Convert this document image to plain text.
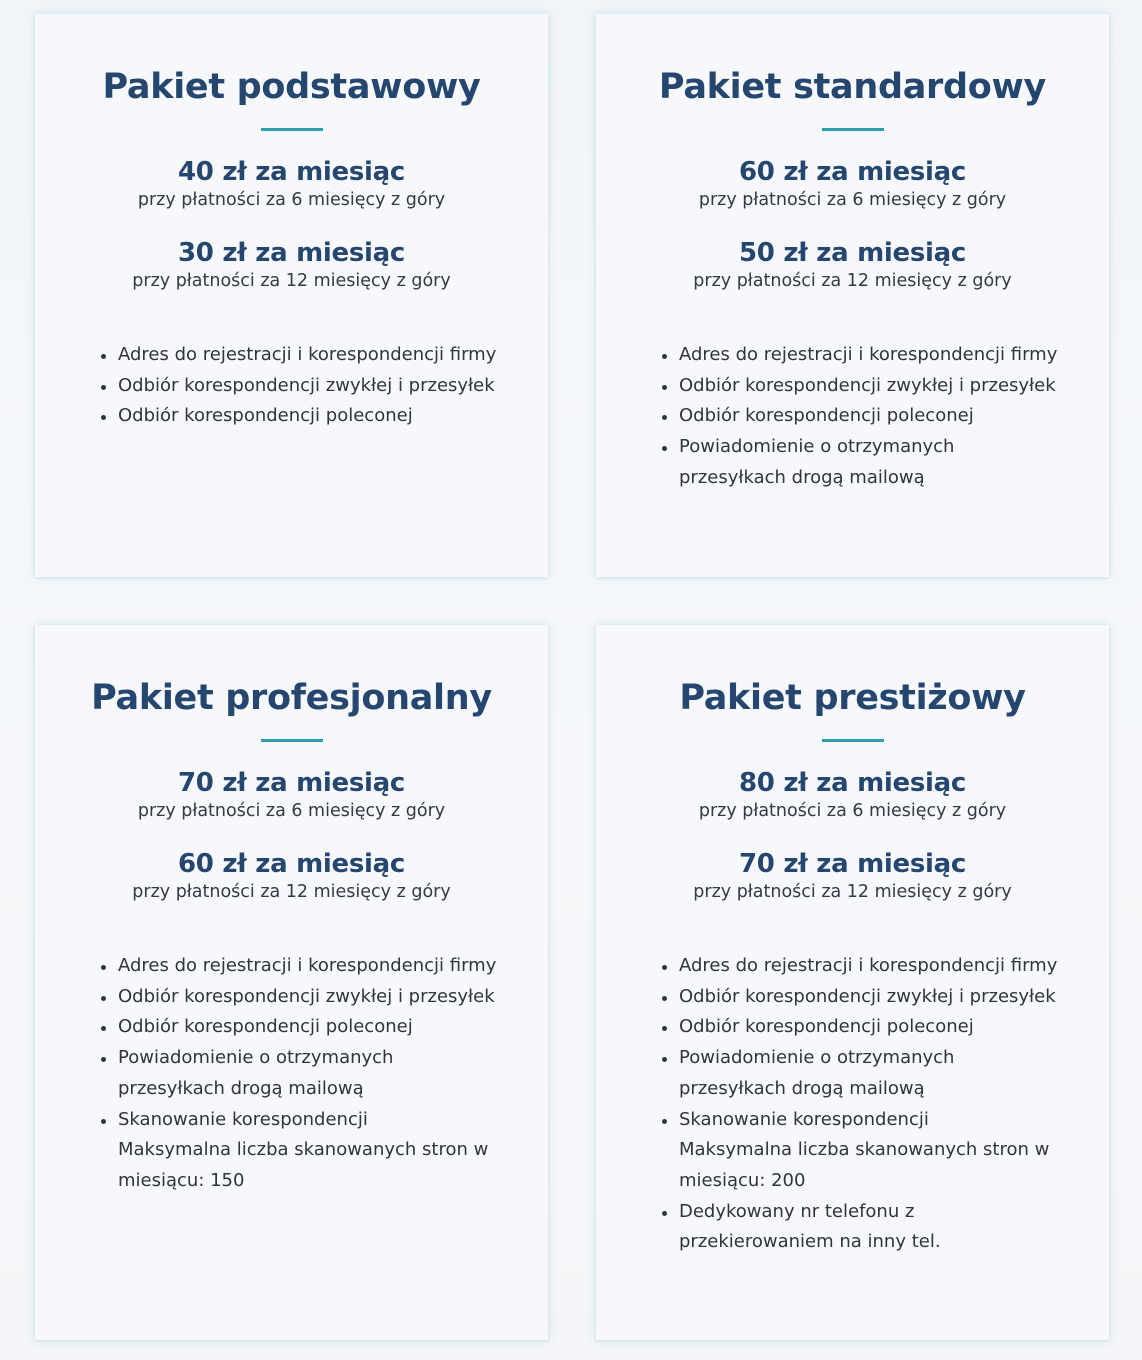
Pakiet podstawowy
40 zł za miesiąc
przy płatności za 6 miesięcy z góry
30 zł za miesiąc
przy płatności za 12 miesięcy z góry
Adres do rejestracji i korespondencji firmy
Odbiór korespondencji zwykłej i przesyłek
Odbiór korespondencji poleconej
Pakiet standardowy
60 zł za miesiąc
przy płatności za 6 miesięcy z góry
50 zł za miesiąc
przy płatności za 12 miesięcy z góry
Adres do rejestracji i korespondencji firmy
Odbiór korespondencji zwykłej i przesyłek
Odbiór korespondencji poleconej
Powiadomienie o otrzymanych
przesyłkach drogą mailową
Pakiet profesjonalny
70 zł za miesiąc
przy płatności za 6 miesięcy z góry
60 zł za miesiąc
przy płatności za 12 miesięcy z góry
Adres do rejestracji i korespondencji firmy
Odbiór korespondencji zwykłej i przesyłek
Odbiór korespondencji poleconej
Powiadomienie o otrzymanych
przesyłkach drogą mailową
Skanowanie korespondencji
Maksymalna liczba skanowanych stron w
miesiącu: 150
Pakiet prestiżowy
80 zł za miesiąc
przy płatności za 6 miesięcy z góry
70 zł za miesiąc
przy płatności za 12 miesięcy z góry
Adres do rejestracji i korespondencji firmy
Odbiór korespondencji zwykłej i przesyłek
Odbiór korespondencji poleconej
Powiadomienie o otrzymanych
przesyłkach drogą mailową
Skanowanie korespondencji
Maksymalna liczba skanowanych stron w
miesiącu: 200
Dedykowany nr telefonu z
przekierowaniem na inny tel.
